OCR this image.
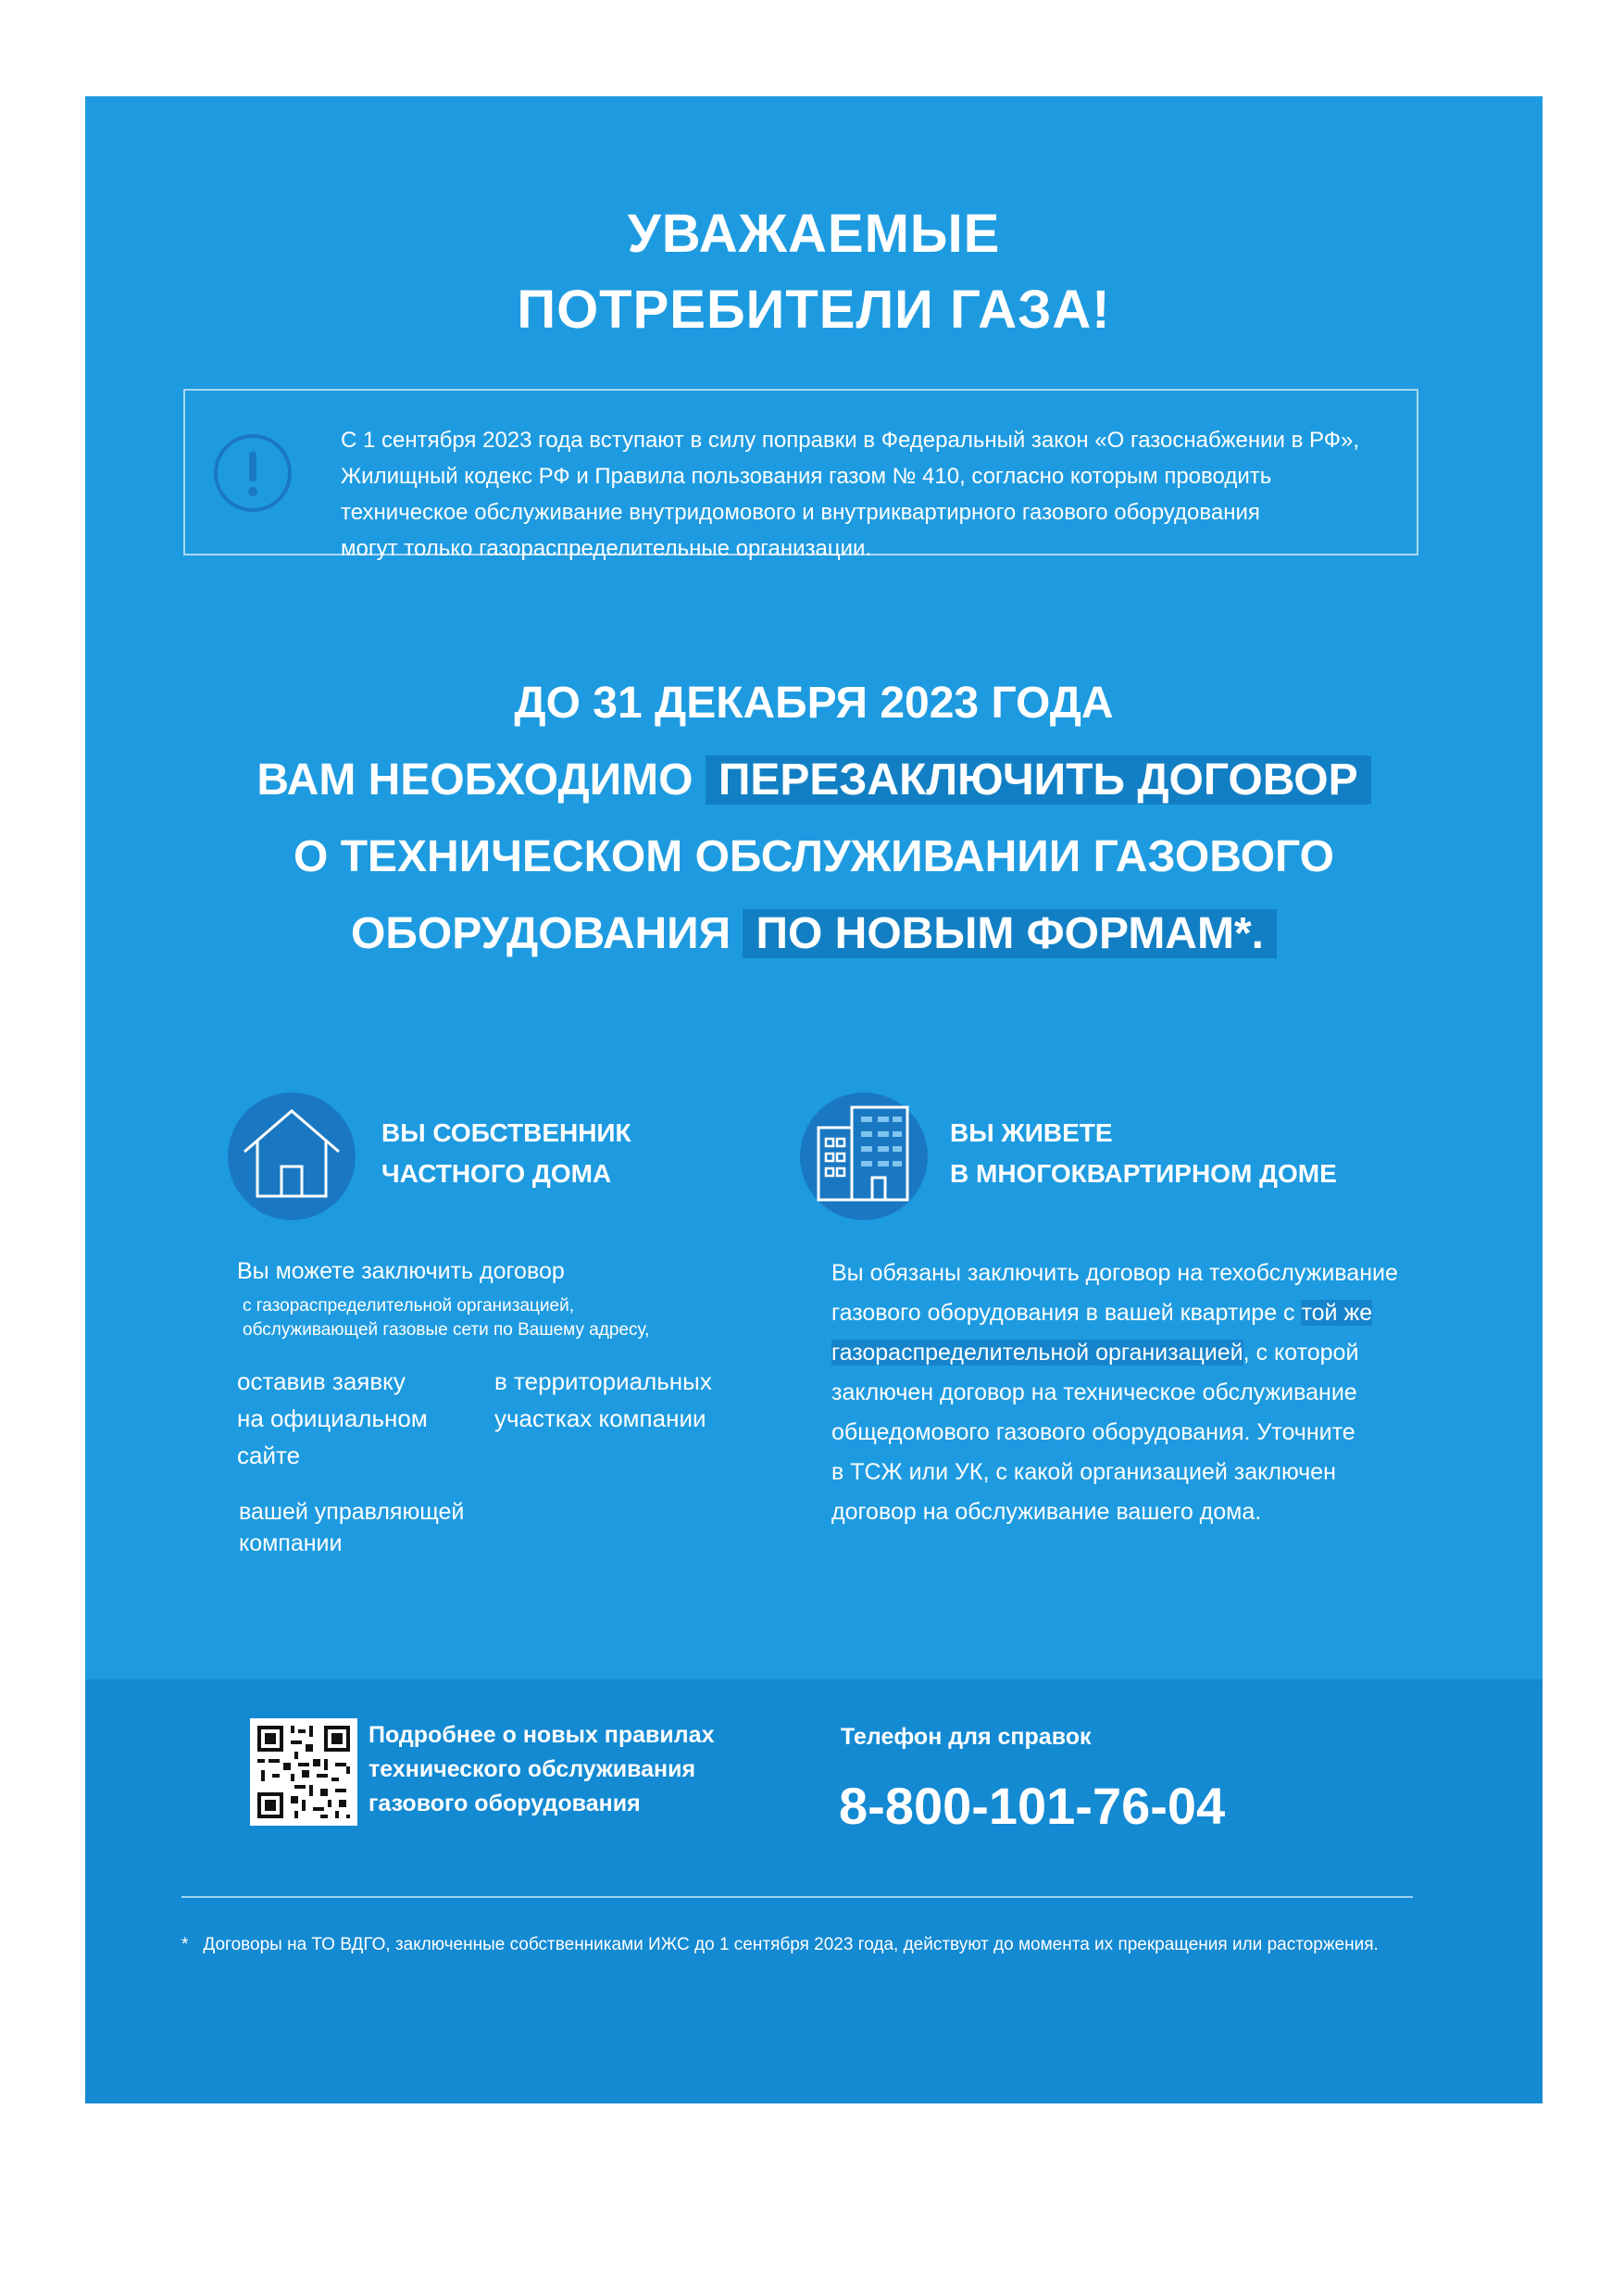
УВАЖАЕМЫЕ
ПОТРЕБИТЕЛИ ГАЗА!
С 1 сентября 2023 года вступают в силу поправки в Федеральный закон «О газоснабжении в РФ»,
Жилищный кодекс РФ и Правила пользования газом № 410, согласно которым проводить
техническое обслуживание внутридомового и внутриквартирного газового оборудования
могут только газораспределительные организации.
ДО 31 ДЕКАБРЯ 2023 ГОДА
ВАМ НЕОБХОДИМО ПЕРЕЗАКЛЮЧИТЬ ДОГОВОР
О ТЕХНИЧЕСКОМ ОБСЛУЖИВАНИИ ГАЗОВОГО
ОБОРУДОВАНИЯ ПО НОВЫМ ФОРМАМ*.
ВЫ СОБСТВЕННИК
ЧАСТНОГО ДОМА
Вы можете заключить договор
с газораспределительной организацией,
обслуживающей газовые сети по Вашему адресу,
оставив заявку
на официальном
сайте
в территориальных
участках компании
вашей управляющей
компании
ВЫ ЖИВЕТЕ
В МНОГОКВАРТИРНОМ ДОМЕ
Вы обязаны заключить договор на техобслуживание
газового оборудования в вашей квартире с той же
газораспределительной организацией, с которой
заключен договор на техническое обслуживание
общедомового газового оборудования. Уточните
в ТСЖ или УК, с какой организацией заключен
договор на обслуживание вашего дома.
Подробнее о новых правилах
технического обслуживания
газового оборудования
Телефон для справок
8-800-101-76-04
* Договоры на ТО ВДГО, заключенные собственниками ИЖС до 1 сентября 2023 года, действуют до момента их прекращения или расторжения.
